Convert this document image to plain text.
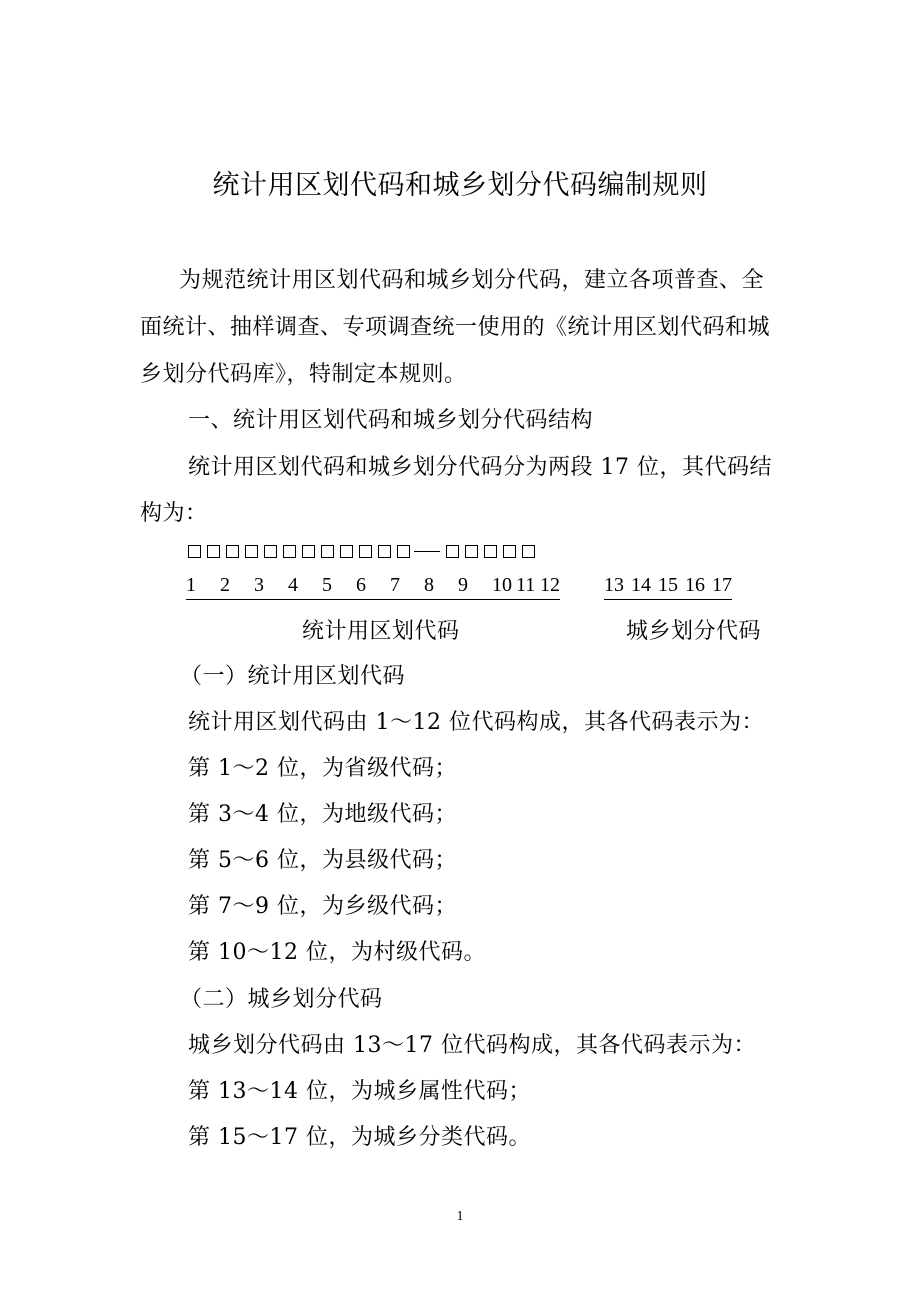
统计用区划代码和城乡划分代码编制规则
为规范统计用区划代码和城乡划分代码，建立各项普查、全
面统计、抽样调查、专项调查统一使用的《统计用区划代码和城
乡划分代码库》，特制定本规则。
一、统计用区划代码和城乡划分代码结构
统计用区划代码和城乡划分代码分为两段 17 位，其代码结
构为：
1 2 3 4 5 6 7 8 9 10 11 12 13 14 15 16 17
统计用区划代码	城乡划分代码
（一）统计用区划代码
统计用区划代码由 1～12 位代码构成，其各代码表示为：
第 1～2 位，为省级代码；
第 3～4 位，为地级代码；
第 5～6 位，为县级代码；
第 7～9 位，为乡级代码；
第 10～12 位，为村级代码。
（二）城乡划分代码
城乡划分代码由 13～17 位代码构成，其各代码表示为：
第 13～14 位，为城乡属性代码；
第 15～17 位，为城乡分类代码。
1
